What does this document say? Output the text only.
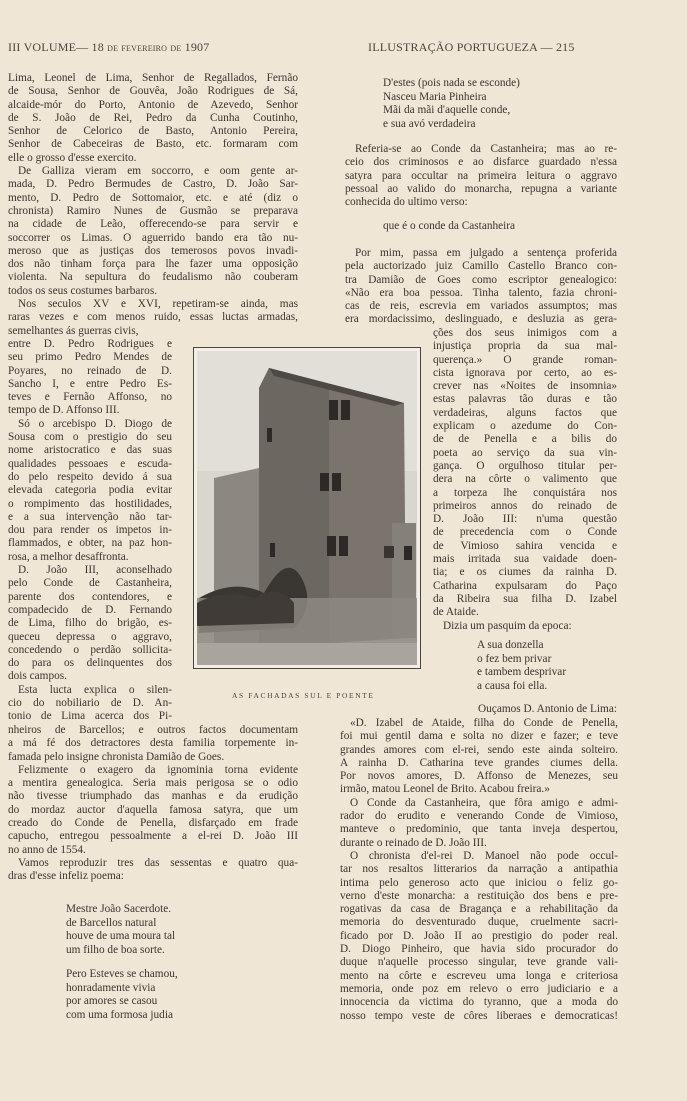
III VOLUME— 18 de fevereiro de 1907	ILLUSTRAÇÃO PORTUGUEZA — 215
Lima, Leonel de Lima, Senhor de Regallados, Fernão
de Sousa, Senhor de Gouvêa, João Rodrigues de Sá,
alcaide-mór do Porto, Antonio de Azevedo, Senhor
de S. João de Rei, Pedro da Cunha Coutinho,
Senhor de Celorico de Basto, Antonio Pereira,
Senhor de Cabeceiras de Basto, etc. formaram com
elle o grosso d'esse exercito.
De Galliza vieram em soccorro, e oom gente ar-
mada, D. Pedro Bermudes de Castro, D. João Sar-
mento, D. Pedro de Sottomaior, etc. e até (diz o
chronista) Ramiro Nunes de Gusmão se preparava
na cidade de Leão, offerecendo-se para servir e
soccorrer os Limas. O aguerrido bando era tão nu-
meroso que as justiças dos temerosos povos invadi-
dos não tinham força para lhe fazer uma opposição
violenta. Na sepultura do feudalismo não couberam
todos os seus costumes barbaros.
Nos seculos XV e XVI, repetiram-se ainda, mas
raras vezes e com menos ruido, essas luctas armadas,
semelhantes ás guerras civis,
entre D. Pedro Rodrigues e
seu primo Pedro Mendes de
Poyares, no reinado de D.
Sancho I, e entre Pedro Es-
teves e Fernão Affonso, no
tempo de D. Affonso III.
Só o arcebispo D. Diogo de
Sousa com o prestigio do seu
nome aristocratico e das suas
qualidades pessoaes e escuda-
do pelo respeito devido á sua
elevada categoria podia evitar
o rompimento das hostilidades,
e a sua intervenção não tar-
dou para render os impetos in-
flammados, e obter, na paz hon-
rosa, a melhor desaffronta.
D. João III, aconselhado
pelo Conde de Castanheira,
parente dos contendores, e
compadecido de D. Fernando
de Lima, filho do brigão, es-
queceu depressa o aggravo,
concedendo o perdão sollicita-
do para os delinquentes dos
dois campos.
Esta lucta explica o silen-
cio do nobiliario de D. An-
tonio de Lima acerca dos Pi-
nheiros de Barcellos; e outros factos documentam
a má fé dos detractores desta familia torpemente in-
famada pelo insigne chronista Damião de Goes.
Felizmente o exagero da ignominia torna evidente
a mentira genealogica. Seria mais perigosa se o odio
não tivesse triumphado das manhas e da erudição
do mordaz auctor d'aquella famosa satyra, que um
creado do Conde de Penella, disfarçado em frade
capucho, entregou pessoalmente a el-rei D. João III
no anno de 1554.
Vamos reproduzir tres das sessentas e quatro qua-
dras d'esse infeliz poema:
Mestre João Sacerdote.
de Barcellos natural
houve de uma moura tal
um filho de boa sorte.
Pero Esteves se chamou,
honradamente vivia
por amores se casou
com uma formosa judia
AS FACHADAS SUL E POENTE
D'estes (pois nada se esconde)
Nasceu Maria Pinheira
Mãi da mãi d'aquelle conde,
e sua avó verdadeira
Referia-se ao Conde da Castanheira; mas ao re-
ceio dos criminosos e ao disfarce guardado n'essa
satyra para occultar na primeira leitura o aggravo
pessoal ao valido do monarcha, repugna a variante
conhecida do ultimo verso:
que é o conde da Castanheira
Por mim, passa em julgado a sentença proferida
pela auctorizado juiz Camillo Castello Branco con-
tra Damião de Goes como escriptor genealogico:
«Não era boa pessoa. Tinha talento, fazia chroni-
cas de reis, escrevia em variados assumptos; mas
era mordacissimo, deslinguado, e desluzia as gera-
ções dos seus inimigos com a
injustiça propria da sua mal-
querença.» O grande roman-
cista ignorava por certo, ao es-
crever nas «Noites de insomnia»
estas palavras tão duras e tão
verdadeiras, alguns factos que
explicam o azedume do Con-
de de Penella e a bilis do
poeta ao serviço da sua vin-
gança. O orgulhoso titular per-
dera na côrte o valimento que
a torpeza lhe conquistára nos
primeiros annos do reinado de
D. João III: n'uma questão
de precedencia com o Conde
de Vimioso sahira vencida e
mais irritada sua vaidade doen-
tia; e os ciumes da rainha D.
Catharina expulsaram do Paço
da Ribeira sua filha D. Izabel
de Ataide.
Dizia um pasquim da epoca:
A sua donzella
o fez bem privar
e tambem desprivar
a causa foi ella.
Ouçamos D. Antonio de Lima:
«D. Izabel de Ataide, filha do Conde de Penella,
foi mui gentil dama e solta no dizer e fazer; e teve
grandes amores com el-rei, sendo este ainda solteiro.
A rainha D. Catharina teve grandes ciumes della.
Por novos amores, D. Affonso de Menezes, seu
irmão, matou Leonel de Brito. Acabou freira.»
O Conde da Castanheira, que fôra amigo e admi-
rador do erudito e venerando Conde de Vimioso,
manteve o predominio, que tanta inveja despertou,
durante o reinado de D. João III.
O chronista d'el-rei D. Manoel não pode occul-
tar nos resaltos litterarios da narração a antipathia
intima pelo generoso acto que iniciou o feliz go-
verno d'este monarcha: a restituição dos bens e pre-
rogativas da casa de Bragança e a rehabilitação da
memoria do desventurado duque, cruelmente sacri-
ficado por D. João II ao prestigio do poder real.
D. Diogo Pinheiro, que havia sido procurador do
duque n'aquelle processo singular, teve grande vali-
mento na côrte e escreveu uma longa e criteriosa
memoria, onde poz em relevo o erro judiciario e a
innocencia da victima do tyranno, que a moda do
nosso tempo veste de côres liberaes e democraticas!
